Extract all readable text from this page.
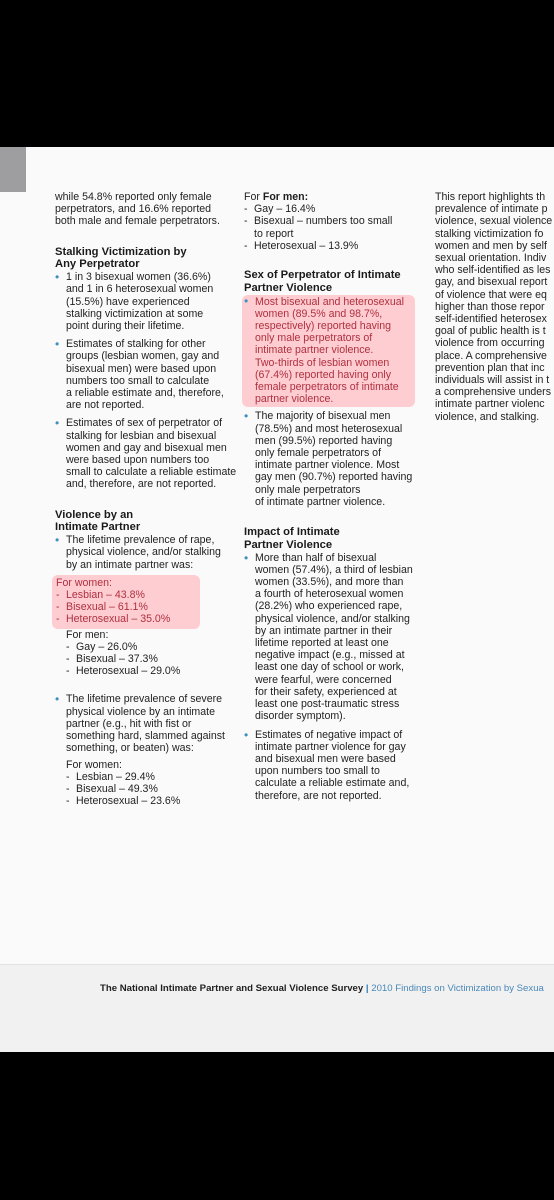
while 54.8% reported only female
perpetrators, and 16.6% reported
both male and female perpetrators.

Stalking Victimization by
Any Perpetrator
• 1 in 3 bisexual women (36.6%)
and 1 in 6 heterosexual women
(15.5%) have experienced
stalking victimization at some
point during their lifetime.
• Estimates of stalking for other
groups (lesbian women, gay and
bisexual men) were based upon
numbers too small to calculate
a reliable estimate and, therefore,
are not reported.
• Estimates of sex of perpetrator of
stalking for lesbian and bisexual
women and gay and bisexual men
were based upon numbers too
small to calculate a reliable estimate
and, therefore, are not reported.
Violence by an
Intimate Partner
• The lifetime prevalence of rape,
physical violence, and/or stalking
by an intimate partner was:
For women:
- Lesbian – 43.8%
- Bisexual – 61.1%
- Heterosexual – 35.0%
For men:
- Gay – 26.0%
- Bisexual – 37.3%
- Heterosexual – 29.0%
• The lifetime prevalence of severe
physical violence by an intimate
partner (e.g., hit with fist or
something hard, slammed against
something, or beaten) was:
For women:
- Lesbian – 29.4%
- Bisexual – 49.3%
- Heterosexual – 23.6%
For For men:
- Gay – 16.4%
- Bisexual – numbers too small
to report
- Heterosexual – 13.9%
Sex of Perpetrator of Intimate
Partner Violence
• Most bisexual and heterosexual
women (89.5% and 98.7%,
respectively) reported having
only male perpetrators of
intimate partner violence.
Two-thirds of lesbian women
(67.4%) reported having only
female perpetrators of intimate
partner violence.
• The majority of bisexual men
(78.5%) and most heterosexual
men (99.5%) reported having
only female perpetrators of
intimate partner violence. Most
gay men (90.7%) reported having
only male perpetrators
of intimate partner violence.
Impact of Intimate
Partner Violence
• More than half of bisexual
women (57.4%), a third of lesbian
women (33.5%), and more than
a fourth of heterosexual women
(28.2%) who experienced rape,
physical violence, and/or stalking
by an intimate partner in their
lifetime reported at least one
negative impact (e.g., missed at
least one day of school or work,
were fearful, were concerned
for their safety, experienced at
least one post-traumatic stress
disorder symptom).
• Estimates of negative impact of
intimate partner violence for gay
and bisexual men were based
upon numbers too small to
calculate a reliable estimate and,
therefore, are not reported.

This report highlights th
prevalence of intimate p
violence, sexual violence
stalking victimization fo
women and men by self
sexual orientation. Indiv
who self-identified as les
gay, and bisexual report
of violence that were eq
higher than those repor
self-identified heterosex
goal of public health is t
violence from occurring
place. A comprehensive
prevention plan that inc
individuals will assist in t
a comprehensive unders
intimate partner violenc
violence, and stalking.

The National Intimate Partner and Sexual Violence Survey | 2010 Findings on Victimization by Sexua
